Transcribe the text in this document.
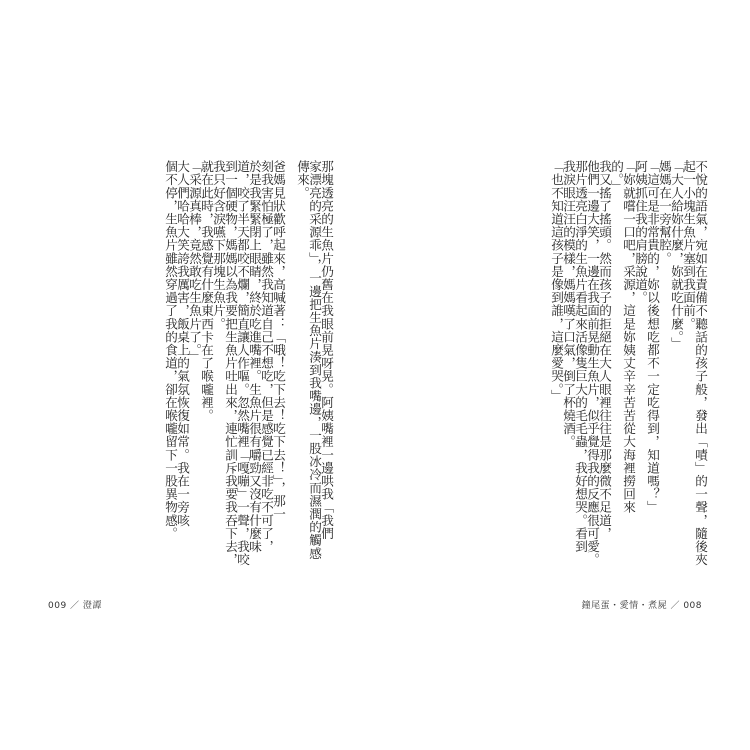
那塊透亮的生魚片仍舊在我眼前晃呀晃。阿姨嘴裡一邊哄我「我們
家漂亮的采源乖」，一邊把生魚片湊到我嘴邊，一股冰冷而濕潤的觸感
傳來。

爸媽見狀歡呼起來，高喊著：「哦！吃下去！吃下去！」，那一
刻我害怕極了，雖然我知道自己不想吃，但是感覺已經非吃不可了，
於是我緊緊閉上眼睛，終於吃進嘴裡。生魚片很有嚼勁又沒有什麼味
道，咬了半天都咬不爛，簡直讓人作嘔。忽然嘴裡「嘎嘣」一聲，我咬
到一個硬物，媽媽以為我要把生魚片吐出來，連忙訓斥我要我吞下去，
我只好含淚嚥下那塊生魚片。
就在此時，我感覺有什麼東西卡在了喉嚨裡。
「采源真棒，竟然敢吃生魚片了。」
大人們哈哈大笑誇我厲害，飯桌上的氣氛恢復如常。我在一旁咳
個不停，生魚片雖然穿過了我的食道，卻在喉嚨留下一股異物感。
009 ／ 澄譚
不悅的語氣，宛如在責備不聽話的孩子般，發出「嘖」的一聲，隨後夾
起一小塊生魚片塞到我面前。
「大人給妳什麼，妳就吃什麼。」
媽媽在一旁幫腔。
「這可是非常貴的，妳以後想吃都不一定吃得到，知道嗎？」
阿姨抓住我的肩膀說道。
「妳就嚐一口吧，采源，這是妳姨丈辛辛苦苦從大海裡撈回來
的。」
我又搖了搖頭。然而孩子的拒絕在大人眼裡往往是那麼微不足道，
他們一邊大笑，一邊在我面前晃動生魚片，似乎覺得我的反應很可愛。
那片透亮白淨的生魚片看起來活像隻巨大的毛毛蟲，我好想哭。看到
我淚眼汪汪的模樣，媽媽嘆了口氣，倒了杯燒酒。
「也不知道這孩子是像到誰，這麼愛哭。」
鐘尾蛋・愛情・煮屍 ／ 008
